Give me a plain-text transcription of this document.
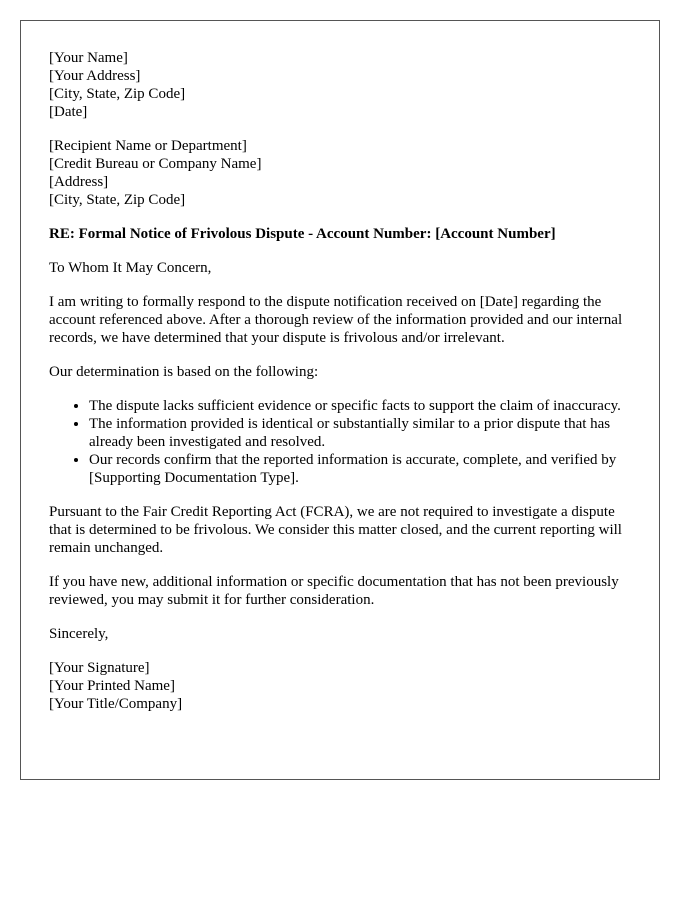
[Your Name]
[Your Address]
[City, State, Zip Code]
[Date]
[Recipient Name or Department]
[Credit Bureau or Company Name]
[Address]
[City, State, Zip Code]
RE: Formal Notice of Frivolous Dispute - Account Number: [Account Number]

To Whom It May Concern,

I am writing to formally respond to the dispute notification received on [Date] regarding the account referenced above. After a thorough review of the information provided and our internal records, we have determined that your dispute is frivolous and/or irrelevant.

Our determination is based on the following:

• The dispute lacks sufficient evidence or specific facts to support the claim of inaccuracy.
• The information provided is identical or substantially similar to a prior dispute that has already been investigated and resolved.
• Our records confirm that the reported information is accurate, complete, and verified by [Supporting Documentation Type].

Pursuant to the Fair Credit Reporting Act (FCRA), we are not required to investigate a dispute that is determined to be frivolous. We consider this matter closed, and the current reporting will remain unchanged.

If you have new, additional information or specific documentation that has not been previously reviewed, you may submit it for further consideration.

Sincerely,

[Your Signature]
[Your Printed Name]
[Your Title/Company]
